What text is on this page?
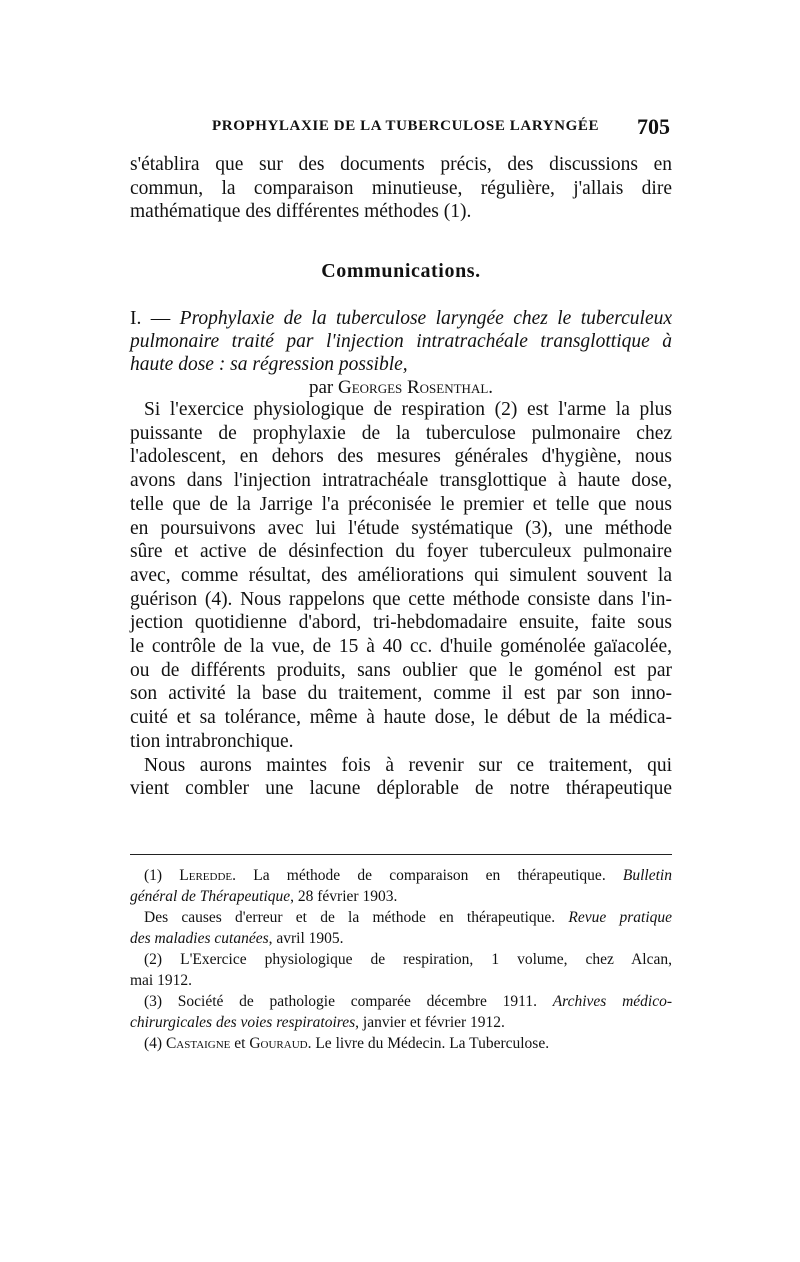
PROPHYLAXIE DE LA TUBERCULOSE LARYNGÉE 705
s'établira que sur des documents précis, des discussions en
commun, la comparaison minutieuse, régulière, j'allais dire
mathématique des différentes méthodes (1).
Communications.
I. — Prophylaxie de la tuberculose laryngée chez le tuberculeux
pulmonaire traité par l'injection intratrachéale transglottique à
haute dose : sa régression possible,
par Georges Rosenthal.
Si l'exercice physiologique de respiration (2) est l'arme la plus
puissante de prophylaxie de la tuberculose pulmonaire chez
l'adolescent, en dehors des mesures générales d'hygiène, nous
avons dans l'injection intratrachéale transglottique à haute dose,
telle que de la Jarrige l'a préconisée le premier et telle que nous
en poursuivons avec lui l'étude systématique (3), une méthode
sûre et active de désinfection du foyer tuberculeux pulmonaire
avec, comme résultat, des améliorations qui simulent souvent la
guérison (4). Nous rappelons que cette méthode consiste dans l'in-
jection quotidienne d'abord, tri-hebdomadaire ensuite, faite sous
le contrôle de la vue, de 15 à 40 cc. d'huile goménolée gaïacolée,
ou de différents produits, sans oublier que le goménol est par
son activité la base du traitement, comme il est par son inno-
cuité et sa tolérance, même à haute dose, le début de la médica-
tion intrabronchique.
Nous aurons maintes fois à revenir sur ce traitement, qui
vient combler une lacune déplorable de notre thérapeutique
(1) Leredde. La méthode de comparaison en thérapeutique. Bulletin
général de Thérapeutique, 28 février 1903.
Des causes d'erreur et de la méthode en thérapeutique. Revue pratique
des maladies cutanées, avril 1905.
(2) L'Exercice physiologique de respiration, 1 volume, chez Alcan,
mai 1912.
(3) Société de pathologie comparée décembre 1911. Archives médico-
chirurgicales des voies respiratoires, janvier et février 1912.
(4) Castaigne et Gouraud. Le livre du Médecin. La Tuberculose.
